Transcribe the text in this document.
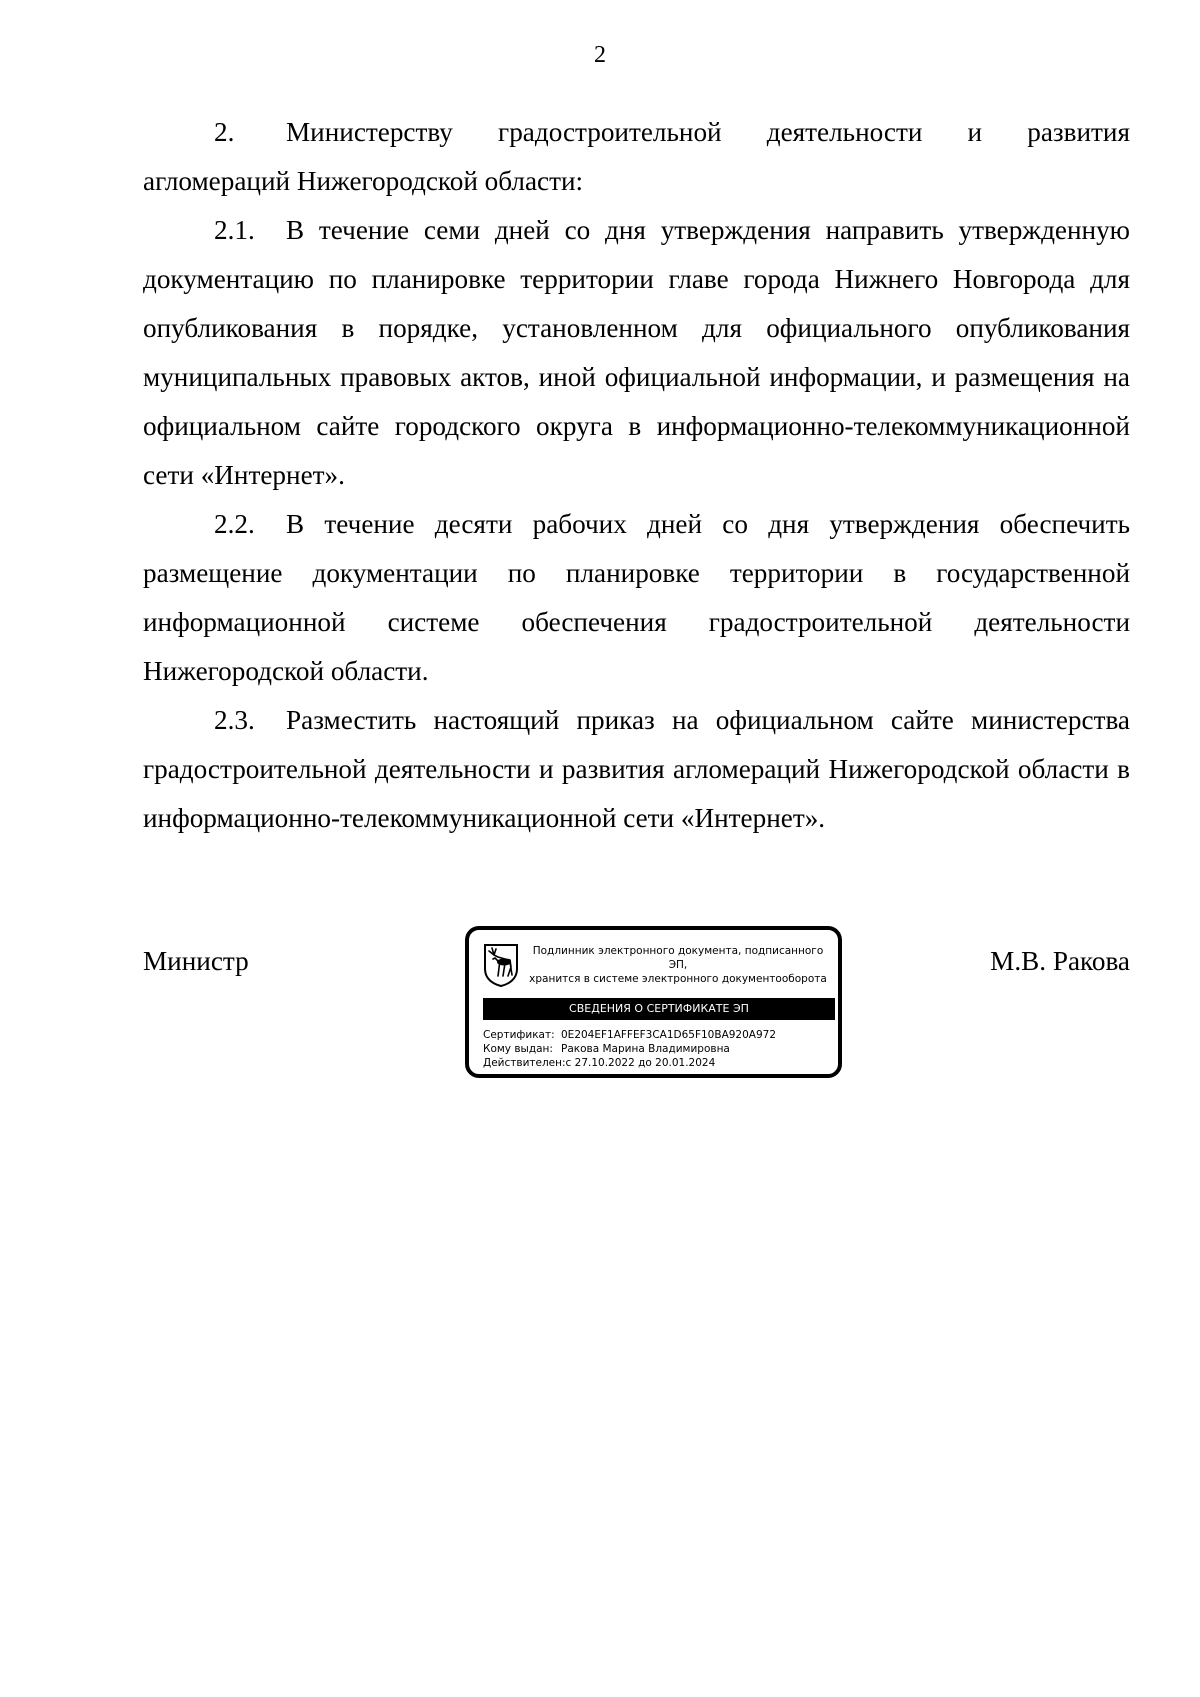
2

2. Министерству градостроительной деятельности и развития агломераций Нижегородской области:

2.1. В течение семи дней со дня утверждения направить утвержденную документацию по планировке территории главе города Нижнего Новгорода для опубликования в порядке, установленном для официального опубликования муниципальных правовых актов, иной официальной информации, и размещения на официальном сайте городского округа в информационно-телекоммуникационной сети «Интернет».

2.2. В течение десяти рабочих дней со дня утверждения обеспечить размещение документации по планировке территории в государственной информационной системе обеспечения градостроительной деятельности Нижегородской области.

2.3. Разместить настоящий приказ на официальном сайте министерства градостроительной деятельности и развития агломераций Нижегородской области в информационно-телекоммуникационной сети «Интернет».

Министр	Подлинник электронного документа, подписанного ЭП,
хранится в системе электронного документооборота
СВЕДЕНИЯ О СЕРТИФИКАТЕ ЭП
Сертификат: 0E204EF1AFFEF3CA1D65F10BA920A972
Кому выдан: Ракова Марина Владимировна
Действителен:с 27.10.2022 до 20.01.2024
М.В. Ракова
